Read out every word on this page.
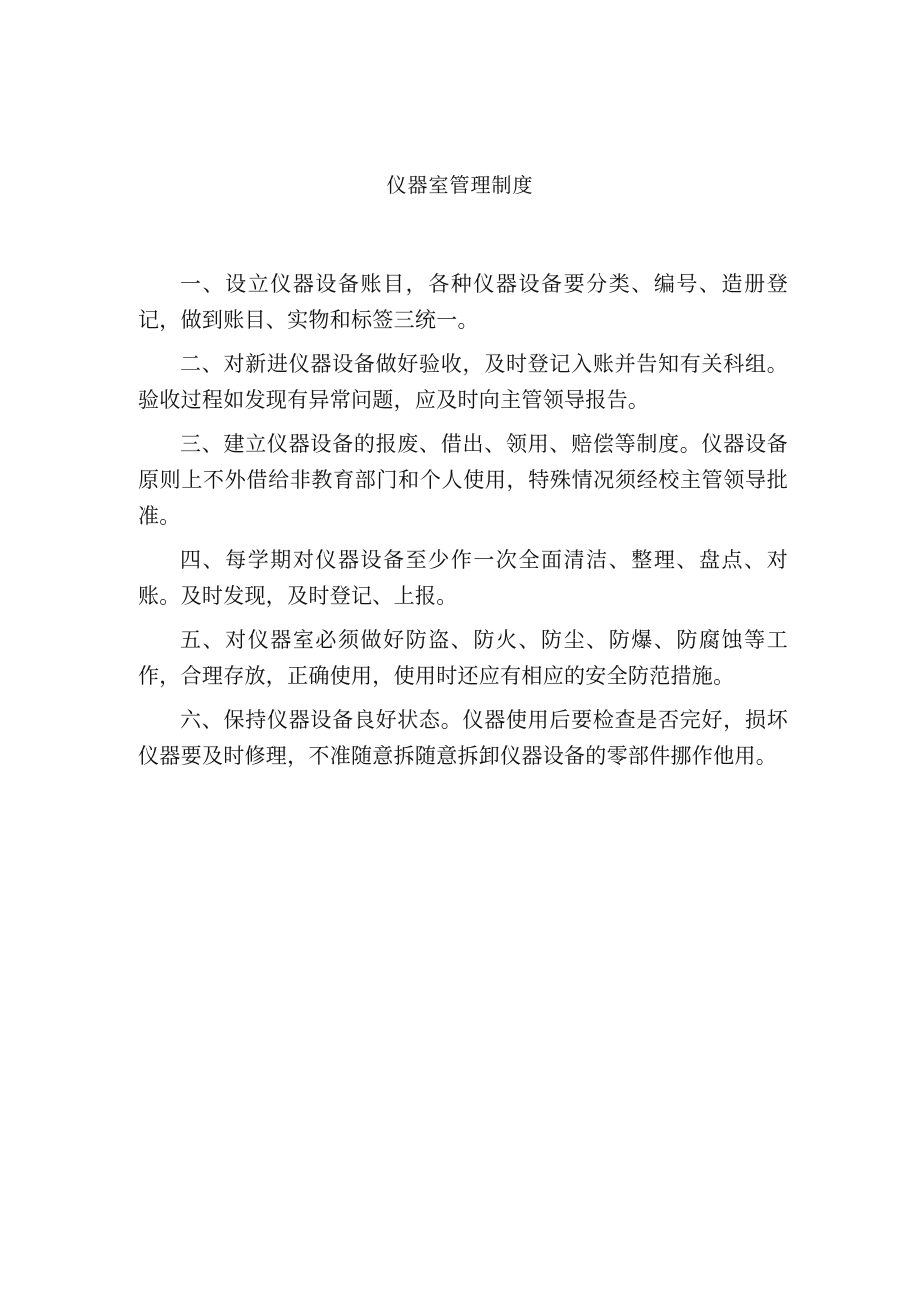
仪器室管理制度

一、设立仪器设备账目，各种仪器设备要分类、编号、造册登记，做到账目、实物和标签三统一。

二、对新进仪器设备做好验收，及时登记入账并告知有关科组。验收过程如发现有异常问题，应及时向主管领导报告。

三、建立仪器设备的报废、借出、领用、赔偿等制度。仪器设备原则上不外借给非教育部门和个人使用，特殊情况须经校主管领导批准。

四、每学期对仪器设备至少作一次全面清洁、整理、盘点、对账。及时发现，及时登记、上报。

五、对仪器室必须做好防盗、防火、防尘、防爆、防腐蚀等工作，合理存放，正确使用，使用时还应有相应的安全防范措施。

六、保持仪器设备良好状态。仪器使用后要检查是否完好，损坏仪器要及时修理，不准随意拆随意拆卸仪器设备的零部件挪作他用。
